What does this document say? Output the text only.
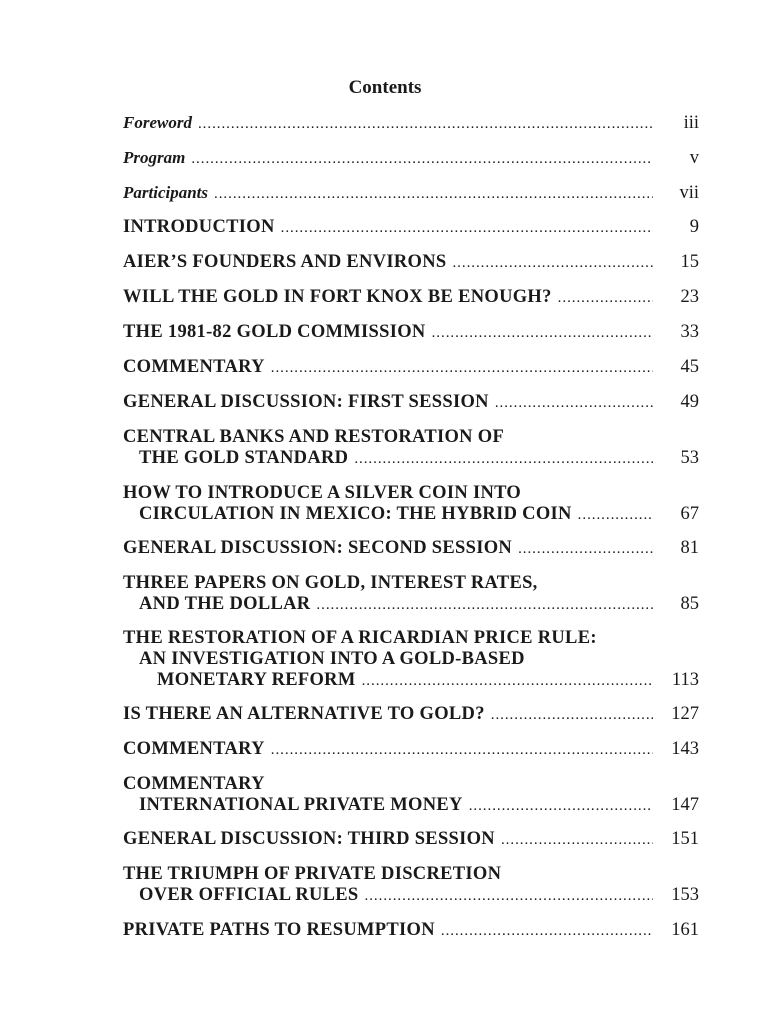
Contents
Foreword . . .	iii
Program . . .	v
Participants . . .	vii
INTRODUCTION . . .	9
AIER’S FOUNDERS AND ENVIRONS . . .	15
WILL THE GOLD IN FORT KNOX BE ENOUGH? . . .	23
THE 1981-82 GOLD COMMISSION . . .	33
COMMENTARY . . .	45
GENERAL DISCUSSION: FIRST SESSION . . .	49
CENTRAL BANKS AND RESTORATION OF
THE GOLD STANDARD . . .	53
HOW TO INTRODUCE A SILVER COIN INTO
CIRCULATION IN MEXICO: THE HYBRID COIN . . .	67
GENERAL DISCUSSION: SECOND SESSION . . .	81
THREE PAPERS ON GOLD, INTEREST RATES,
AND THE DOLLAR . . .	85
THE RESTORATION OF A RICARDIAN PRICE RULE:
AN INVESTIGATION INTO A GOLD-BASED
MONETARY REFORM . . .	113
IS THERE AN ALTERNATIVE TO GOLD? . . .	127
COMMENTARY . . .	143
COMMENTARY
INTERNATIONAL PRIVATE MONEY . . .	147
GENERAL DISCUSSION: THIRD SESSION . . .	151
THE TRIUMPH OF PRIVATE DISCRETION
OVER OFFICIAL RULES . . .	153
PRIVATE PATHS TO RESUMPTION . . .	161
